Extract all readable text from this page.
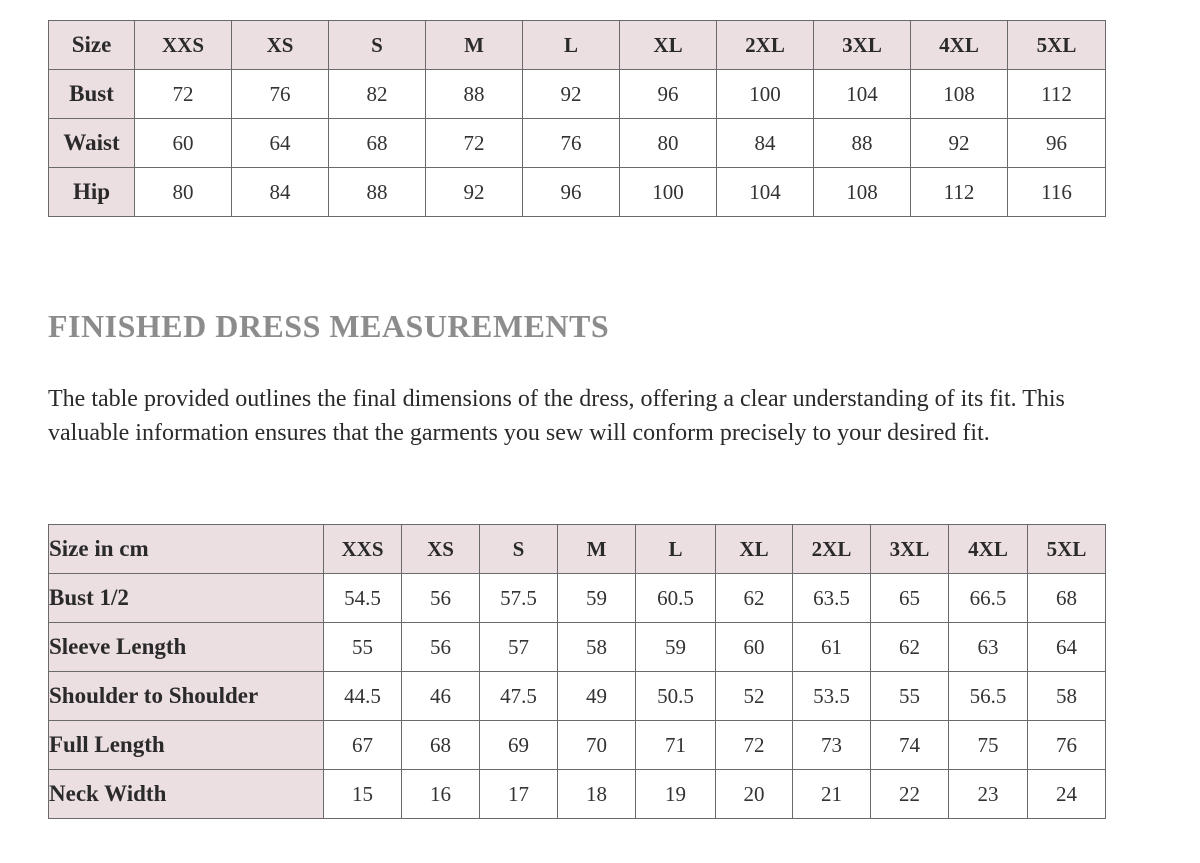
Size	XXS	XS	S	M	L	XL	2XL	3XL	4XL	5XL
Bust	72	76	82	88	92	96	100	104	108	112
Waist	60	64	68	72	76	80	84	88	92	96
Hip	80	84	88	92	96	100	104	108	112	116
FINISHED DRESS MEASUREMENTS

The table provided outlines the final dimensions of the dress, offering a clear understanding of its fit. This valuable information ensures that the garments you sew will conform precisely to your desired fit.

Size in cm	XXS	XS	S	M	L	XL	2XL	3XL	4XL	5XL
Bust 1/2	54.5	56	57.5	59	60.5	62	63.5	65	66.5	68
Sleeve Length	55	56	57	58	59	60	61	62	63	64
Shoulder to Shoulder	44.5	46	47.5	49	50.5	52	53.5	55	56.5	58
Full Length	67	68	69	70	71	72	73	74	75	76
Neck Width	15	16	17	18	19	20	21	22	23	24
